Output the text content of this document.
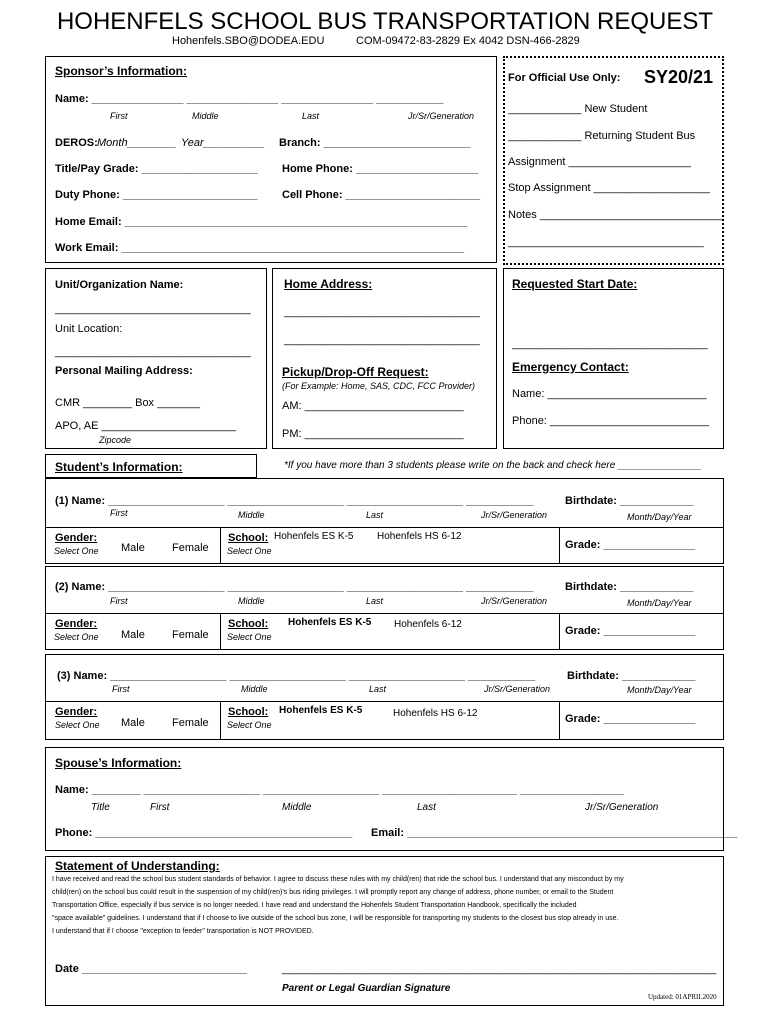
HOHENFELS SCHOOL BUS TRANSPORTATION REQUEST
Hohenfels.SBO@DODEA.EDU	COM-09472-83-2829 Ex 4042 DSN-466-2829
Sponsor’s Information:
Name: _______________ _______________ _______________ ___________
First	Middle	Last	Jr/Sr/Generation
DEROS: Month________ Year__________ Branch: ________________________
Title/Pay Grade: ___________________ Home Phone: ____________________
Duty Phone: ______________________ Cell Phone: ______________________
Home Email: ________________________________________________________
Work Email: ________________________________________________________
For Official Use Only: SY20/21
____________ New Student
____________ Returning Student Bus
Assignment ____________________
Stop Assignment ___________________
Notes ______________________________
________________________________
Unit/Organization Name:
________________________________
Unit Location:
________________________________
Personal Mailing Address:
CMR ________ Box _______
APO, AE ______________________
Zipcode
Home Address:
________________________________
________________________________
Pickup/Drop-Off Request:
(For Example: Home, SAS, CDC, FCC Provider)
AM: __________________________
PM: __________________________
Requested Start Date:
________________________________
Emergency Contact:
Name: __________________________
Phone: __________________________
Student’s Information:	*If you have more than 3 students please write on the back and check here _______________
(1) Name: ___________________ ___________________ ___________________ ___________	Birthdate: ____________
First	Middle	Last	Jr/Sr/Generation	Month/Day/Year
Gender:
Select One Male Female
School:
Select One
Hohenfels ES K-5 Hohenfels HS 6-12
Grade: _______________
(2) Name: ___________________ ___________________ ___________________ ___________	Birthdate: ____________
First	Middle	Last	Jr/Sr/Generation	Month/Day/Year
Gender:
Select One Male Female
School:
Select One
Hohenfels ES K-5 Hohenfels 6-12
Grade: _______________
(3) Name: ___________________ ___________________ ___________________ ___________	Birthdate: ____________
First	Middle	Last	Jr/Sr/Generation	Month/Day/Year
Gender:
Select One Male Female
School:
Select One
Hohenfels ES K-5	Hohenfels HS 6-12	Grade: _______________
Spouse’s Information:
Name: ________ ___________________ ___________________ ______________________ _________________
Title	First	Middle	Last	Jr/Sr/Generation
Phone: __________________________________________ Email: ______________________________________________________
Statement of Understanding:
I have received and read the school bus student standards of behavior. I agree to discuss these rules with my child(ren) that ride the school bus. I understand that any misconduct by my
child(ren) on the school bus could result in the suspension of my child(ren)’s bus riding privileges. I will promptly report any change of address, phone number, or email to the Student
Transportation Office, especially if bus service is no longer needed. I have read and understand the Hohenfels Student Transportation Handbook, specifically the included
"space available" guidelines. I understand that if I choose to live outside of the school bus zone, I will be responsible for transporting my students to the closest bus stop already in use.
I understand that if I choose "exception to feeder" transportation is NOT PROVIDED.
Date ___________________________	_______________________________________________________________________
Parent or Legal Guardian Signature
Updated: 01APRIL2020
